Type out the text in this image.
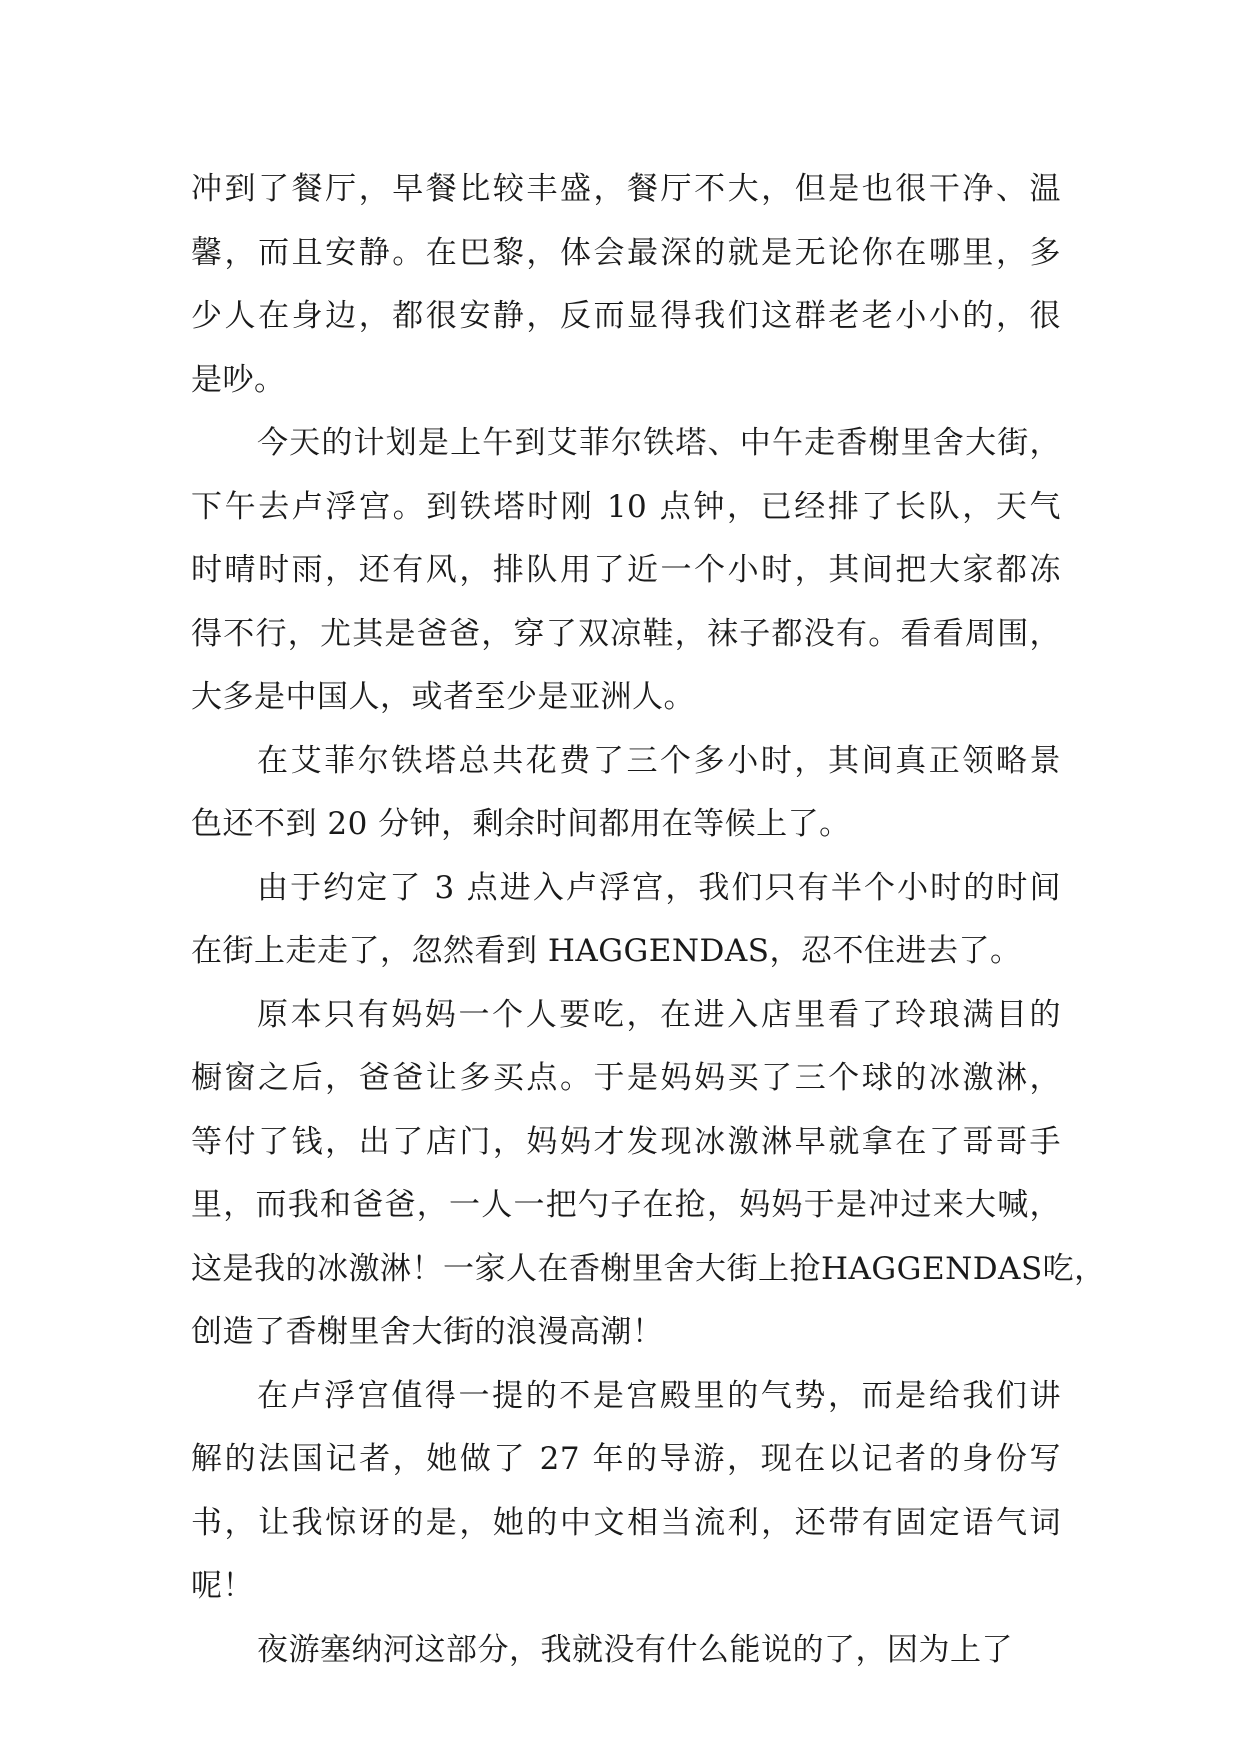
冲到了餐厅，早餐比较丰盛，餐厅不大，但是也很干净、温
馨，而且安静。在巴黎，体会最深的就是无论你在哪里，多
少人在身边，都很安静，反而显得我们这群老老小小的，很
是吵。
今天的计划是上午到艾菲尔铁塔、中午走香榭里舍大街，
下午去卢浮宫。到铁塔时刚 10 点钟，已经排了长队，天气
时晴时雨，还有风，排队用了近一个小时，其间把大家都冻
得不行，尤其是爸爸，穿了双凉鞋，袜子都没有。看看周围，
大多是中国人，或者至少是亚洲人。
在艾菲尔铁塔总共花费了三个多小时，其间真正领略景
色还不到 20 分钟，剩余时间都用在等候上了。
由于约定了 3 点进入卢浮宫，我们只有半个小时的时间
在街上走走了，忽然看到 HAGGENDAS，忍不住进去了。
原本只有妈妈一个人要吃，在进入店里看了玲琅满目的
橱窗之后，爸爸让多买点。于是妈妈买了三个球的冰激淋，
等付了钱，出了店门，妈妈才发现冰激淋早就拿在了哥哥手
里，而我和爸爸，一人一把勺子在抢，妈妈于是冲过来大喊，
这是我的冰激淋！一家人在香榭里舍大街上抢HAGGENDAS吃，
创造了香榭里舍大街的浪漫高潮！
在卢浮宫值得一提的不是宫殿里的气势，而是给我们讲
解的法国记者，她做了 27 年的导游，现在以记者的身份写
书，让我惊讶的是，她的中文相当流利，还带有固定语气词
呢！
夜游塞纳河这部分，我就没有什么能说的了，因为上了
